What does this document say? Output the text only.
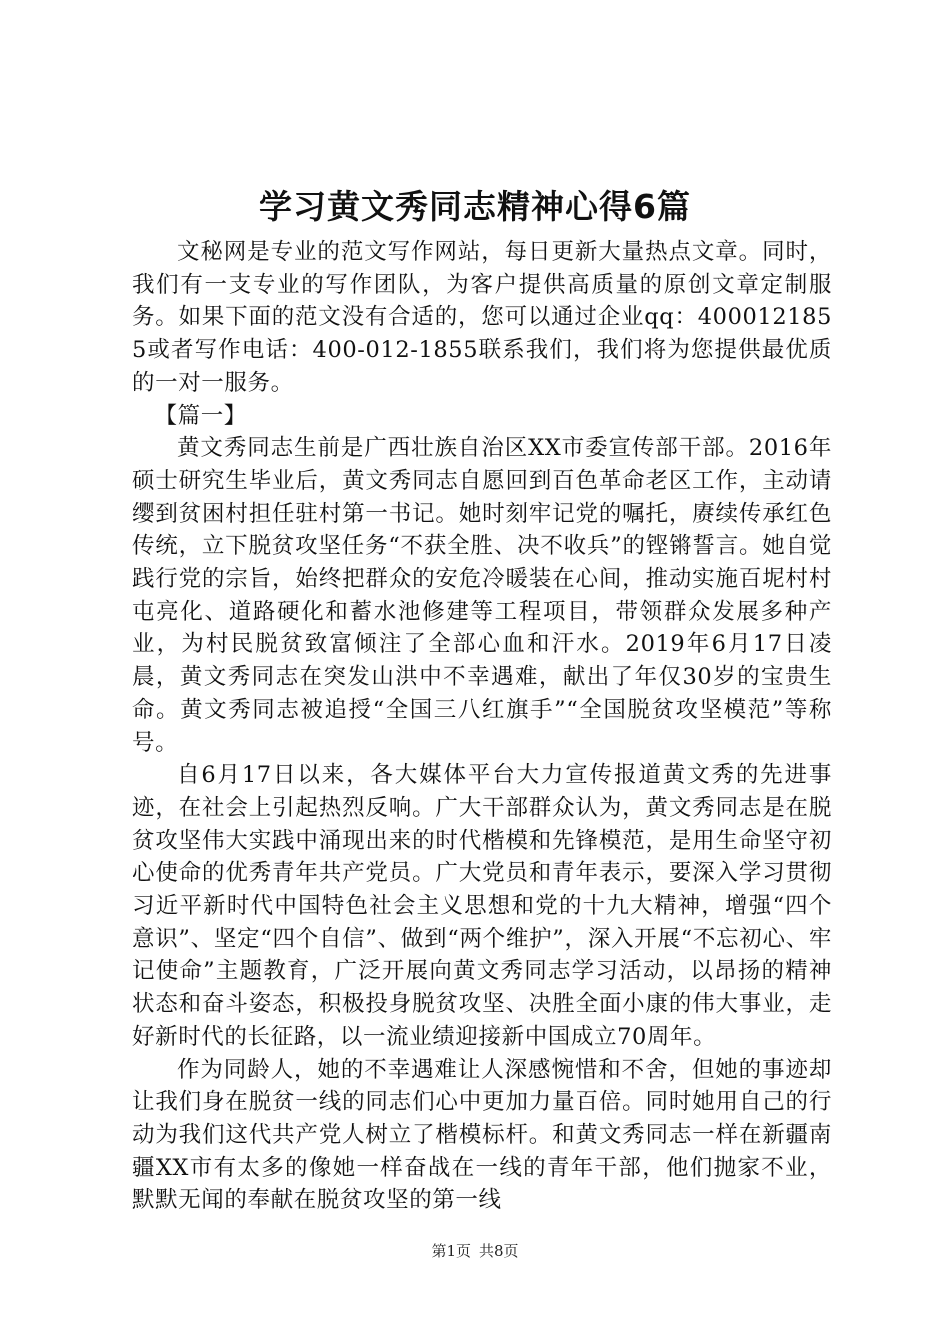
学习黄文秀同志精神心得6篇

文秘网是专业的范文写作网站，每日更新大量热点文章。同时，我们有一支专业的写作团队，为客户提供高质量的原创文章定制服务。如果下面的范文没有合适的，您可以通过企业qq：4000121855或者写作电话：400-012-1855联系我们，我们将为您提供最优质的一对一服务。

【篇一】

黄文秀同志生前是广西壮族自治区XX市委宣传部干部。2016年硕士研究生毕业后，黄文秀同志自愿回到百色革命老区工作，主动请缨到贫困村担任驻村第一书记。她时刻牢记党的嘱托，赓续传承红色传统，立下脱贫攻坚任务“不获全胜、决不收兵”的铿锵誓言。她自觉践行党的宗旨，始终把群众的安危冷暖装在心间，推动实施百坭村村屯亮化、道路硬化和蓄水池修建等工程项目，带领群众发展多种产业，为村民脱贫致富倾注了全部心血和汗水。2019年6月17日凌晨，黄文秀同志在突发山洪中不幸遇难，献出了年仅30岁的宝贵生命。黄文秀同志被追授“全国三八红旗手”“全国脱贫攻坚模范”等称号。

自6月17日以来，各大媒体平台大力宣传报道黄文秀的先进事迹，在社会上引起热烈反响。广大干部群众认为，黄文秀同志是在脱贫攻坚伟大实践中涌现出来的时代楷模和先锋模范，是用生命坚守初心使命的优秀青年共产党员。广大党员和青年表示，要深入学习贯彻习近平新时代中国特色社会主义思想和党的十九大精神，增强“四个意识”、坚定“四个自信”、做到“两个维护”，深入开展“不忘初心、牢记使命”主题教育，广泛开展向黄文秀同志学习活动，以昂扬的精神状态和奋斗姿态，积极投身脱贫攻坚、决胜全面小康的伟大事业，走好新时代的长征路，以一流业绩迎接新中国成立70周年。

作为同龄人，她的不幸遇难让人深感惋惜和不舍，但她的事迹却让我们身在脱贫一线的同志们心中更加力量百倍。同时她用自己的行动为我们这代共产党人树立了楷模标杆。和黄文秀同志一样在新疆南疆XX市有太多的像她一样奋战在一线的青年干部，他们抛家不业，默默无闻的奉献在脱贫攻坚的第一线

第1页 共8页
